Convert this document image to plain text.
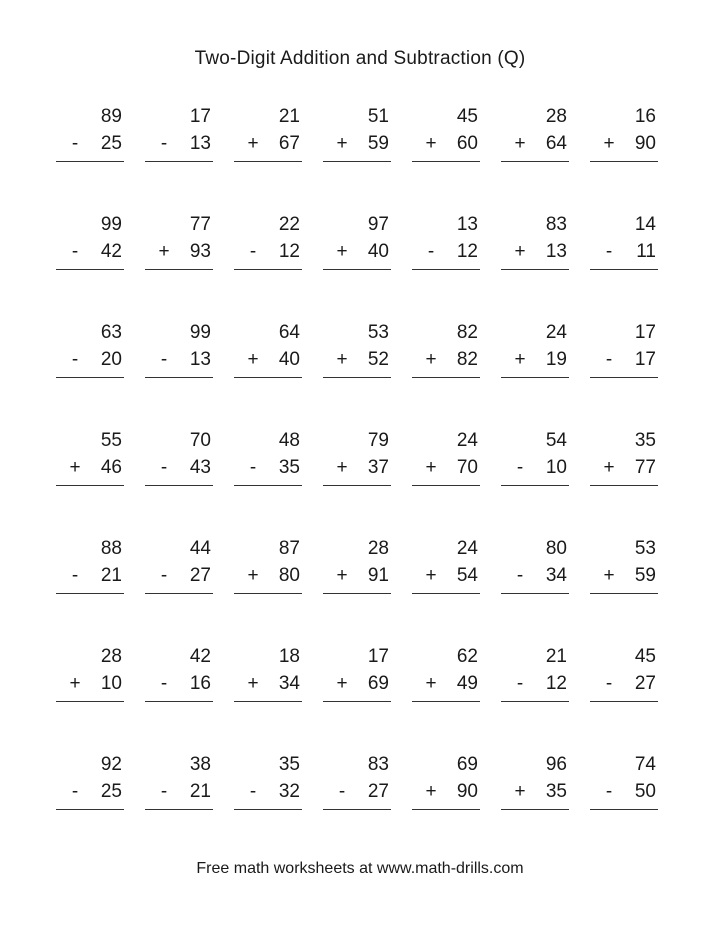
Two-Digit Addition and Subtraction (Q)
89
- 25
17
- 13
21
+ 67
51
+ 59
45
+ 60
28
+ 64
16
+ 90
99
- 42
77
+ 93
22
- 12
97
+ 40
13
- 12
83
+ 13
14
- 11
63
- 20
99
- 13
64
+ 40
53
+ 52
82
+ 82
24
+ 19
17
- 17
55
+ 46
70
- 43
48
- 35
79
+ 37
24
+ 70
54
- 10
35
+ 77
88
- 21
44
- 27
87
+ 80
28
+ 91
24
+ 54
80
- 34
53
+ 59
28
+ 10
42
- 16
18
+ 34
17
+ 69
62
+ 49
21
- 12
45
- 27
92
- 25
38
- 21
35
- 32
83
- 27
69
+ 90
96
+ 35
74
- 50
Free math worksheets at www.math-drills.com
